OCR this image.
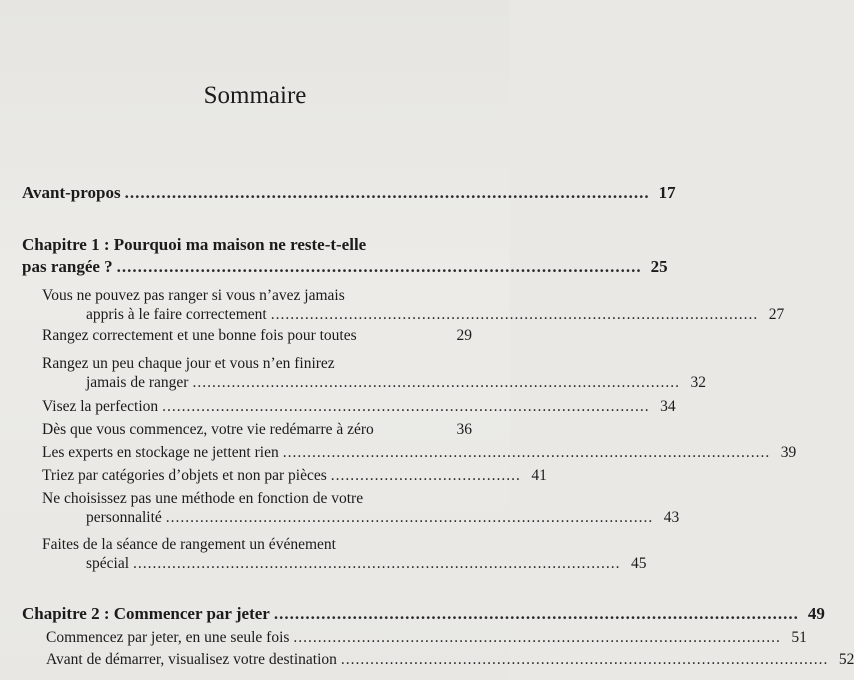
Sommaire
Avant-propos .................................................................................................... 17
Chapitre 1 : Pourquoi ma maison ne reste-t-elle
pas rangée ? .................................................................................................... 25
Vous ne pouvez pas ranger si vous n’avez jamais
appris à le faire correctement .................................................................................................... 27
Rangez correctement et une bonne fois pour toutes	29
Rangez un peu chaque jour et vous n’en finirez
jamais de ranger .................................................................................................... 32
Visez la perfection .................................................................................................... 34
Dès que vous commencez, votre vie redémarre à zéro	36
Les experts en stockage ne jettent rien .................................................................................................... 39
Triez par catégories d’objets et non par pièces ....................................... 41
Ne choisissez pas une méthode en fonction de votre
personnalité .................................................................................................... 43
Faites de la séance de rangement un événement
spécial .................................................................................................... 45
Chapitre 2 : Commencer par jeter .................................................................................................... 49
Commencez par jeter, en une seule fois .................................................................................................... 51
Avant de démarrer, visualisez votre destination .................................................................................................... 52
